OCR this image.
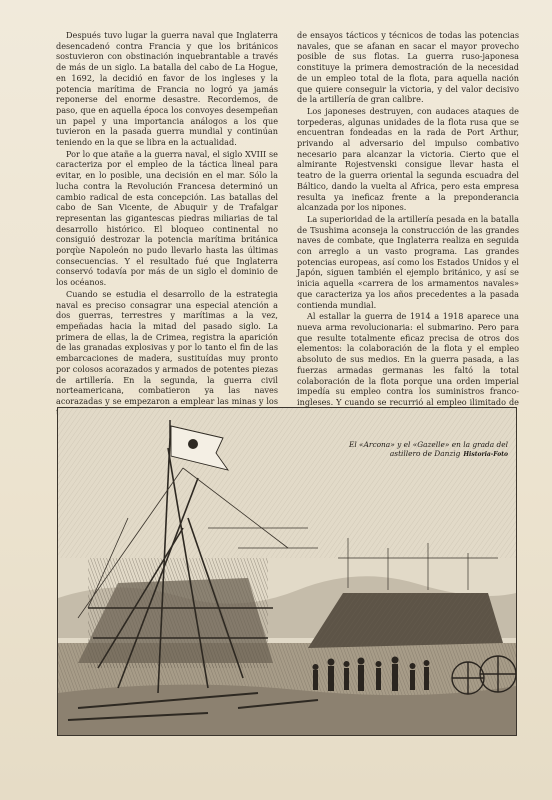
Después tuvo lugar la guerra naval que Inglaterra desencadenó contra Francia y que los británicos sostuvieron con obstinación inquebrantable a través de más de un siglo. La batalla del cabo de La Hogue, en 1692, la decidió en favor de los ingleses y la potencia marítima de Francia no logró ya jamás reponerse del enorme desastre. Recordemos, de paso, que en aquella época los convoyes desempeñan un papel y una importancia análogos a los que tuvieron en la pasada guerra mundial y continúan teniendo en la que se libra en la actualidad.

Por lo que atañe a la guerra naval, el siglo XVIII se caracteriza por el empleo de la táctica lineal para evitar, en lo posible, una decisión en el mar. Sólo la lucha contra la Revolución Francesa determinó un cambio radical de esta concepción. Las batallas del cabo de San Vicente, de Abuquir y de Trafalgar representan las gigantescas piedras miliarias de tal desarrollo histórico. El bloqueo continental no consiguió destrozar la potencia marítima británica porqùe Napoleón no pudo llevarlo hasta las últimas consecuencias. Y el resultado fué que Inglaterra conservó todavía por más de un siglo el dominio de los océanos.

Cuando se estudia el desarrollo de la estrategia naval es preciso consagrar una especial atención a dos guerras, terrestres y marítimas a la vez, empeñadas hacia la mitad del pasado siglo. La primera de ellas, la de Crimea, registra la aparición de las granadas explosivas y por lo tanto el fin de las embarcaciones de madera, sustituídas muy pronto por colosos acorazados y armados de potentes piezas de artillería. En la segunda, la guerra civil norteamericana, combatieron ya las naves acorazadas y se empezaron a emplear las minas y los

de ensayos tácticos y técnicos de todas las potencias navales, que se afanan en sacar el mayor provecho posible de sus flotas. La guerra ruso-japonesa constituye la primera demostración de la necesidad de un empleo total de la flota, para aquella nación que quiere conseguir la victoria, y del valor decisivo de la artillería de gran calibre.

Los japoneses destruyen, con audaces ataques de torpederas, algunas unidades de la flota rusa que se encuentran fondeadas en la rada de Port Arthur, privando al adversario del impulso combativo necesario para alcanzar la victoria. Cierto que el almirante Rojestvenski consigue llevar hasta el teatro de la guerra oriental la segunda escuadra del Báltico, dando la vuelta al Africa, pero esta empresa resulta ya ineficaz frente a la preponderancia alcanzada por los nipones.

La superioridad de la artillería pesada en la batalla de Tsushima aconseja la construcción de las grandes naves de combate, que Inglaterra realiza en seguida con arreglo a un vasto programa. Las grandes potencias europeas, así como los Estados Unidos y el Japón, siguen también el ejemplo británico, y así se inicia aquella «carrera de los armamentos navales» que caracteriza ya los años precedentes a la pasada contienda mundial.

Al estallar la guerra de 1914 a 1918 aparece una nueva arma revolucionaria: el submarino. Pero para que resulte totalmente eficaz precisa de otros dos elementos: la colaboración de la flota y el empleo absoluto de sus medios. En la guerra pasada, a las fuerzas armadas germanas les faltó la total colaboración de la flota porque una orden imperial impedía su empleo contra los suministros franco-ingleses. Y cuando se recurrió al empleo ilimitado de

El «Arcona» y el «Gazelle» en la grada del astillero de Danzig Historia-Foto
